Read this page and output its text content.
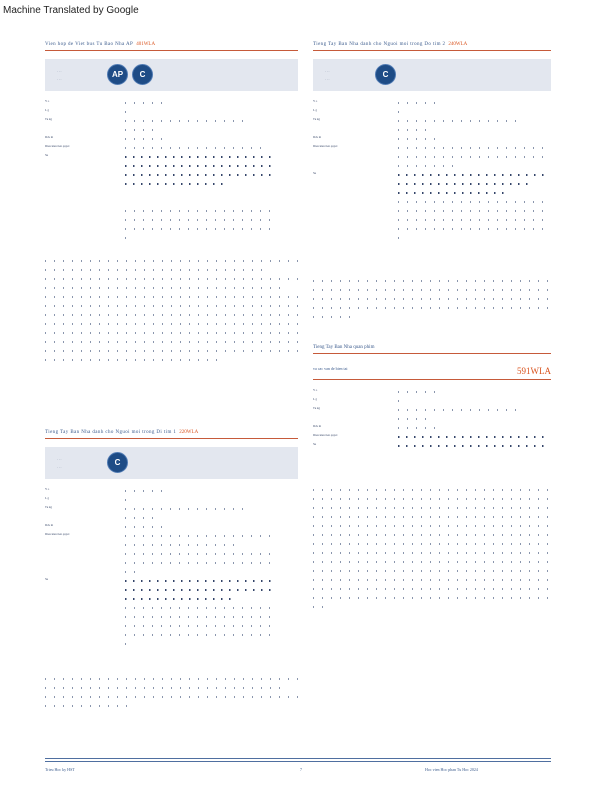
Machine Translated by Google
Vien hop de Viet bus Tu Bao Nha AP 401WLA
· · ·
· · ·
AP	C
Y o
L g
Tu kg
Dck m
Dieu kien tien quyet
Su
Tieng Tay Ban Nha danh cho Nguoi moi trong Di tim 1 220WLA
· · ·
· · ·
C
Y o
L g
Tu kg
Dck m
Dieu kien tien quyet
Su
Tieng Tay Ban Nha danh cho Nguoi moi trong Do tim 2 240WLA
· · ·
· · ·
C
Y o
L g
Tu kg
Dck m
Dieu kien tien quyet
Su
Tieng Tay Ban Nha quan phim
va cac van de bien tai	591WLA
Y o
L g
Tu kg
Dck m
Dieu kien tien quyet
Su
Trieu Hoc ky HST	7	Hoc vien Hoc phan Tu Hoc 2024
